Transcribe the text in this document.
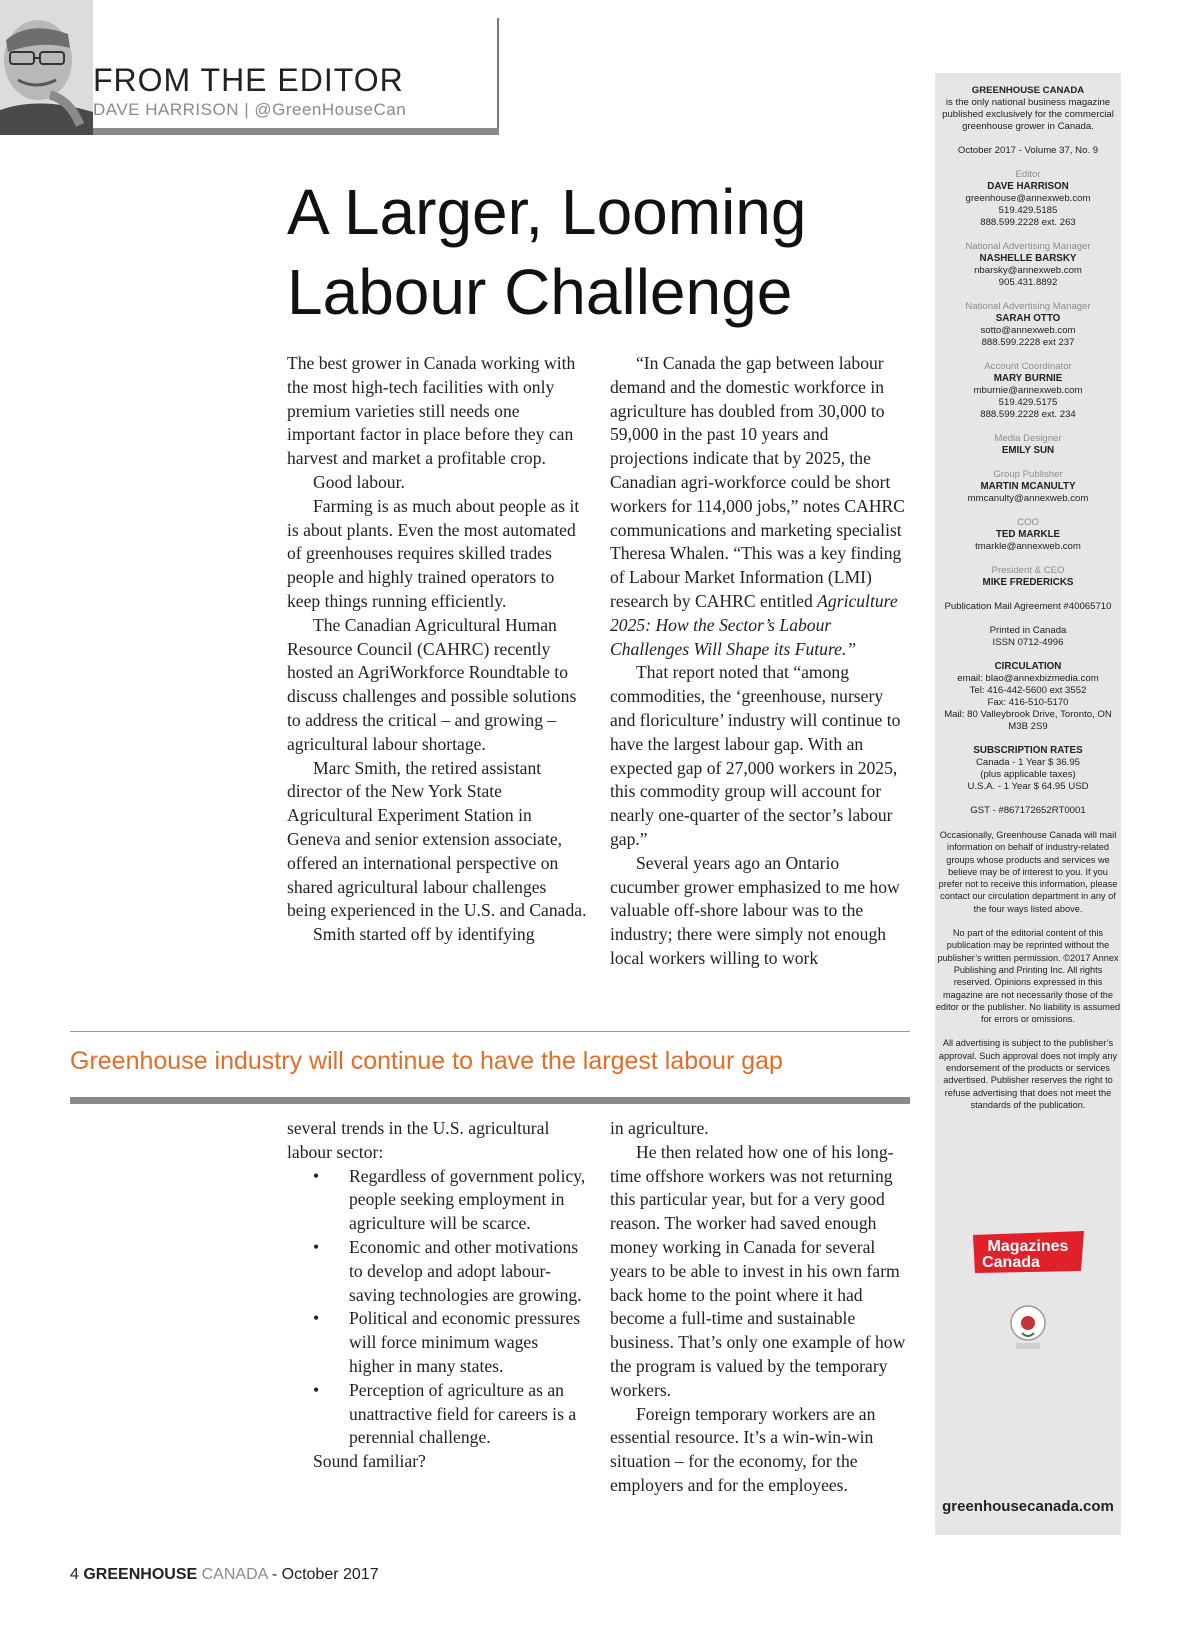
FROM THE EDITOR
DAVE HARRISON | @GreenHouseCan
A Larger, Looming
Labour Challenge

The best grower in Canada working with the most high-tech facilities with only premium varieties still needs one important factor in place before they can harvest and market a profitable crop.

Good labour.

Farming is as much about people as it is about plants. Even the most automated of greenhouses requires skilled trades people and highly trained operators to keep things running efficiently.

The Canadian Agricultural Human Resource Council (CAHRC) recently hosted an AgriWorkforce Roundtable to discuss challenges and possible solutions to address the critical – and growing – agricultural labour shortage.

Marc Smith, the retired assistant director of the New York State Agricultural Experiment Station in Geneva and senior extension associate, offered an international perspective on shared agricultural labour challenges being experienced in the U.S. and Canada.

Smith started off by identifying

“In Canada the gap between labour demand and the domestic workforce in agriculture has doubled from 30,000 to 59,000 in the past 10 years and projections indicate that by 2025, the Canadian agri-workforce could be short workers for 114,000 jobs,” notes CAHRC communications and marketing specialist Theresa Whalen. “This was a key finding of Labour Market Information (LMI) research by CAHRC entitled Agriculture 2025: How the Sector’s Labour Challenges Will Shape its Future.”

That report noted that “among commodities, the ‘greenhouse, nursery and floriculture’ industry will continue to have the largest labour gap. With an expected gap of 27,000 workers in 2025, this commodity group will account for nearly one-quarter of the sector’s labour gap.”

Several years ago an Ontario cucumber grower emphasized to me how valuable off-shore labour was to the industry; there were simply not enough local workers willing to work

Greenhouse industry will continue to have the largest labour gap

several trends in the U.S. agricultural labour sector:

• Regardless of government policy, people seeking employment in agriculture will be scarce.
• Economic and other motivations to develop and adopt labour-saving technologies are growing.
• Political and economic pressures will force minimum wages higher in many states.
• Perception of agriculture as an unattractive field for careers is a perennial challenge.

Sound familiar?

in agriculture.

He then related how one of his long-time offshore workers was not returning this particular year, but for a very good reason. The worker had saved enough money working in Canada for several years to be able to invest in his own farm back home to the point where it had become a full-time and sustainable business. That’s only one example of how the program is valued by the temporary workers.

Foreign temporary workers are an essential resource. It’s a win-win-win situation – for the economy, for the employers and for the employees.

GREENHOUSE CANADA
is the only national business magazine published exclusively for the commercial greenhouse grower in Canada.
October 2017 - Volume 37, No. 9
Editor
DAVE HARRISON
greenhouse@annexweb.com
519.429.5185
888.599.2228 ext. 263
National Advertising Manager
NASHELLE BARSKY
nbarsky@annexweb.com
905.431.8892
National Advertising Manager
SARAH OTTO
sotto@annexweb.com
888.599.2228 ext 237
Account Coordinator
MARY BURNIE
mburnie@annexweb.com
519.429.5175
888.599.2228 ext. 234
Media Designer
EMILY SUN
Group Publisher
MARTIN MCANULTY
mmcanulty@annexweb.com
COO
TED MARKLE
tmarkle@annexweb.com
President & CEO
MIKE FREDERICKS
Publication Mail Agreement #40065710
Printed in Canada
ISSN 0712-4996
CIRCULATION
email: blao@annexbizmedia.com
Tel: 416-442-5600 ext 3552
Fax: 416-510-5170
Mail: 80 Valleybrook Drive, Toronto, ON M3B 2S9
SUBSCRIPTION RATES
Canada - 1 Year $ 36.95
(plus applicable taxes)
U.S.A. - 1 Year $ 64.95 USD
GST - #867172652RT0001
Occasionally, Greenhouse Canada will mail information on behalf of industry-related groups whose products and services we believe may be of interest to you. If you prefer not to receive this information, please contact our circulation department in any of the four ways listed above.
No part of the editorial content of this publication may be reprinted without the publisher’s written permission. ©2017 Annex Publishing and Printing Inc. All rights reserved. Opinions expressed in this magazine are not necessarily those of the editor or the publisher. No liability is assumed for errors or omissions.
All advertising is subject to the publisher’s approval. Such approval does not imply any endorsement of the products or services advertised. Publisher reserves the right to refuse advertising that does not meet the standards of the publication.
Magazines
Canada
greenhousecanada.com
4 GREENHOUSE CANADA - October 2017
